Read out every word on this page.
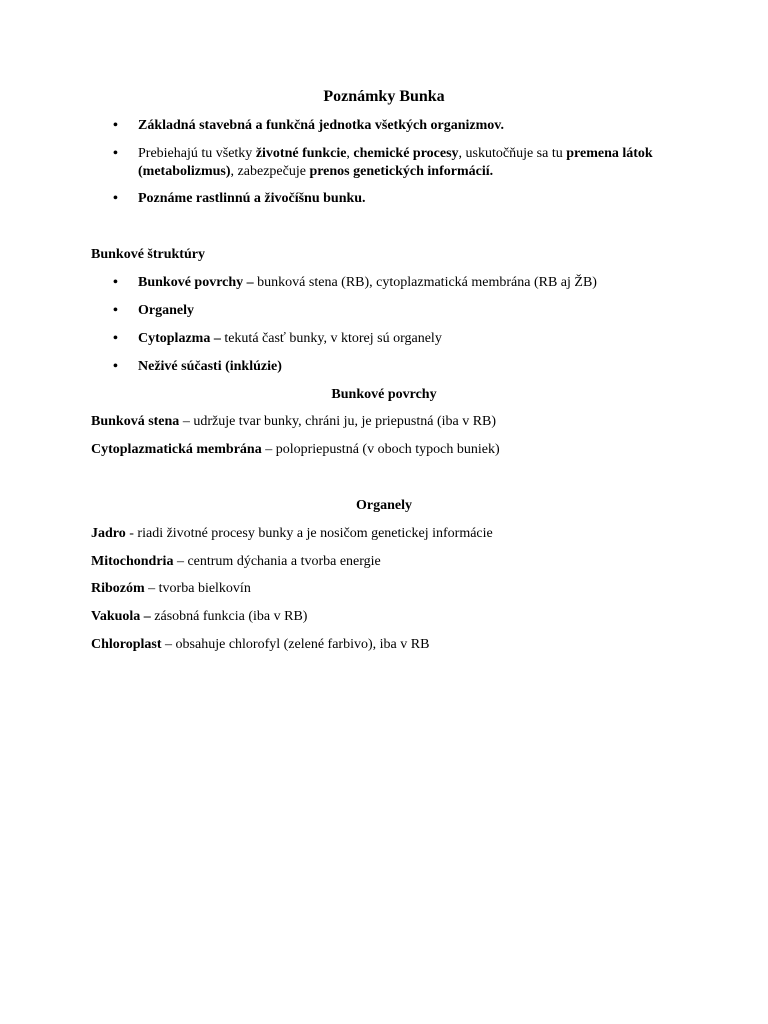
Poznámky Bunka
• Základná stavebná a funkčná jednotka všetkých organizmov.
• Prebiehajú tu všetky životné funkcie, chemické procesy, uskutočňuje sa tu premena látok (metabolizmus), zabezpečuje prenos genetických informácií.
• Poznáme rastlinnú a živočíšnu bunku.
Bunkové štruktúry
• Bunkové povrchy – bunková stena (RB), cytoplazmatická membrána (RB aj ŽB)
• Organely
• Cytoplazma – tekutá časť bunky, v ktorej sú organely
• Neživé súčasti (inklúzie)
Bunkové povrchy
Bunková stena – udržuje tvar bunky, chráni ju, je priepustná (iba v RB)
Cytoplazmatická membrána – polopriepustná (v oboch typoch buniek)
Organely
Jadro - riadi životné procesy bunky a je nosičom genetickej informácie
Mitochondria – centrum dýchania a tvorba energie
Ribozóm – tvorba bielkovín
Vakuola – zásobná funkcia (iba v RB)
Chloroplast – obsahuje chlorofyl (zelené farbivo), iba v RB
